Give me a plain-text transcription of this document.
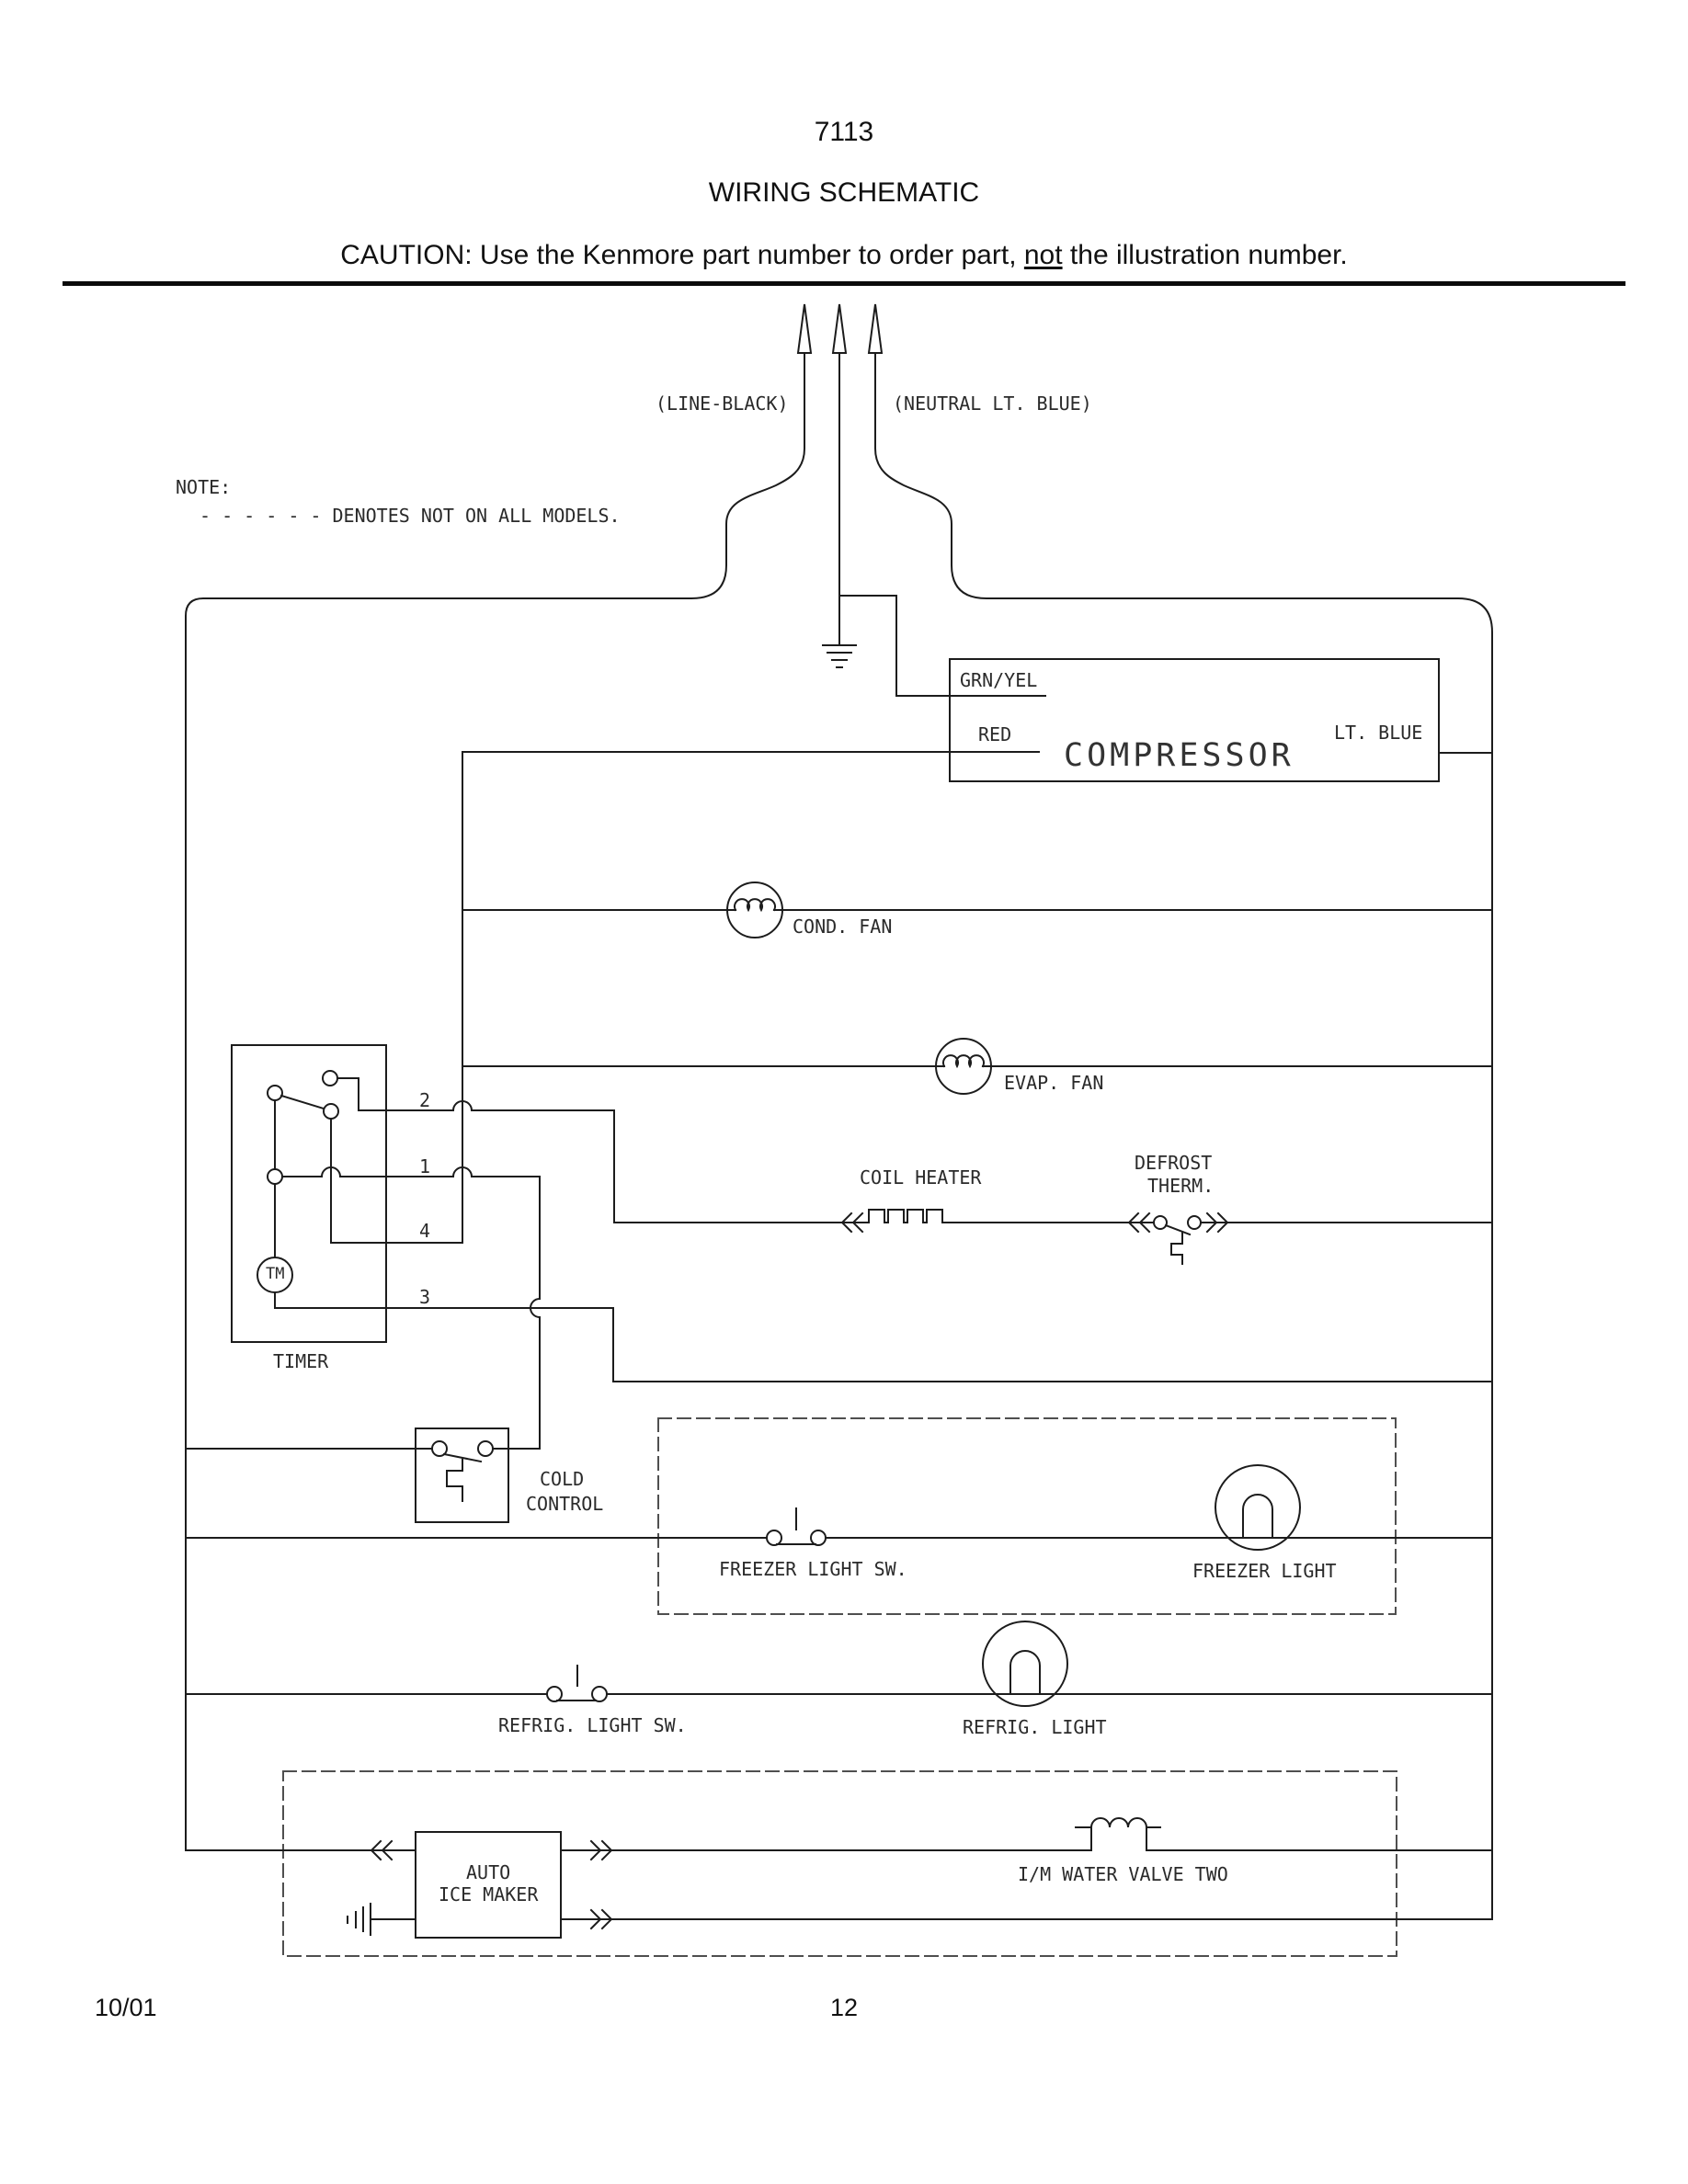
7113
WIRING SCHEMATIC
CAUTION: Use the Kenmore part number to order part, not the illustration number.
(LINE-BLACK)	(NEUTRAL LT. BLUE)
NOTE:
- - - - - - DENOTES NOT ON ALL MODELS.
GRN/YEL
RED	LT. BLUE
COMPRESSOR
COND. FAN
EVAP. FAN
COIL HEATER
DEFROST
THERM.
2
1
4
3
TM
TIMER
COLD
CONTROL
FREEZER LIGHT SW.	FREEZER LIGHT
REFRIG. LIGHT SW.	REFRIG. LIGHT
AUTO
ICE MAKER
I/M WATER VALVE TWO
10/01	12
